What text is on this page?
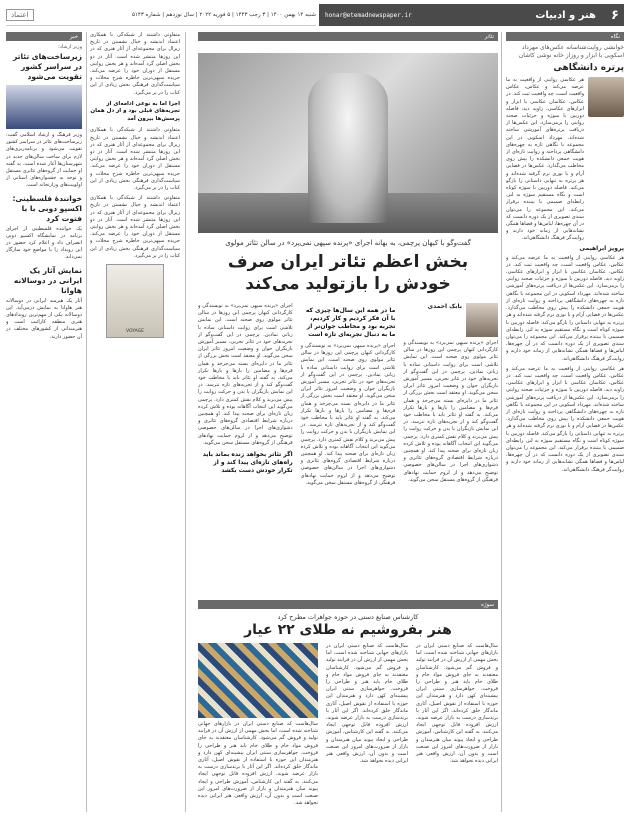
۶
هنر و ادبیات
honar@etemadnewspaper.ir
شنبه ۱۴ بهمن ۱۴۰۰ | ۳ رجب ۱۴۴۳ | ۵ فوریه ۲۰۲۲ | سال نوزدهم | شماره ۵۱۴۳
اعتماد
نگاه
خوانشی روایت‌شناسانه عکس‌های مهرداد اسکویی با ابزار و روزاز خانه نوشی کاشان
پرتره دانشگاهی
هر عکاسی روایتی از واقعیت به ما عرضه می‌کند و عکاس، عکاس واقعیت است، چه واقعیت ثبت کند. در عکاس، عکاسان عکاسی با ابزار و ابزارهای عکاسی، زاویه دید، فاصله دوربین با سوژه و جزئیات صحنه روایتی را برمی‌سازد. این عکس‌ها از دریافت پرتره‌های آموزشی ساخته شده‌اند. مهرداد اسکویی در این مجموعه با نگاهی تازه به چهره‌های دانشگاهی پرداخته و روایت تازه‌ای از هویت جمعی دانشکده را پیش روی مخاطب می‌گذارد. عکس‌ها در فضایی آرام و با نوری نرم گرفته شده‌اند و هر پرتره به تنهایی داستانی را بازگو می‌کند. فاصله دوربین با سوژه کوتاه است و نگاه مستقیم سوژه به لنز، رابطه‌ای صمیمی با بیننده برقرار می‌کند. این مجموعه را می‌توان سندی تصویری از یک دوره دانست که در آن چهره‌ها، لباس‌ها و فضاها همگی نشانه‌هایی از زمانه خود دارند و روایت‌گر فرهنگ دانشگاهی‌اند.
پرویز ابراهیمی
هر عکاسی روایتی از واقعیت به ما عرضه می‌کند و عکاس، عکاس واقعیت است، چه واقعیت ثبت کند. در عکاس، عکاسان عکاسی با ابزار و ابزارهای عکاسی، زاویه دید، فاصله دوربین با سوژه و جزئیات صحنه روایتی را برمی‌سازد. این عکس‌ها از دریافت پرتره‌های آموزشی ساخته شده‌اند. مهرداد اسکویی در این مجموعه با نگاهی تازه به چهره‌های دانشگاهی پرداخته و روایت تازه‌ای از هویت جمعی دانشکده را پیش روی مخاطب می‌گذارد. عکس‌ها در فضایی آرام و با نوری نرم گرفته شده‌اند و هر پرتره به تنهایی داستانی را بازگو می‌کند. فاصله دوربین با سوژه کوتاه است و نگاه مستقیم سوژه به لنز، رابطه‌ای صمیمی با بیننده برقرار می‌کند. این مجموعه را می‌توان سندی تصویری از یک دوره دانست که در آن چهره‌ها، لباس‌ها و فضاها همگی نشانه‌هایی از زمانه خود دارند و روایت‌گر فرهنگ دانشگاهی‌اند.
هر عکاسی روایتی از واقعیت به ما عرضه می‌کند و عکاس، عکاس واقعیت است، چه واقعیت ثبت کند. در عکاس، عکاسان عکاسی با ابزار و ابزارهای عکاسی، زاویه دید، فاصله دوربین با سوژه و جزئیات صحنه روایتی را برمی‌سازد. این عکس‌ها از دریافت پرتره‌های آموزشی ساخته شده‌اند. مهرداد اسکویی در این مجموعه با نگاهی تازه به چهره‌های دانشگاهی پرداخته و روایت تازه‌ای از هویت جمعی دانشکده را پیش روی مخاطب می‌گذارد. عکس‌ها در فضایی آرام و با نوری نرم گرفته شده‌اند و هر پرتره به تنهایی داستانی را بازگو می‌کند. فاصله دوربین با سوژه کوتاه است و نگاه مستقیم سوژه به لنز، رابطه‌ای صمیمی با بیننده برقرار می‌کند. این مجموعه را می‌توان سندی تصویری از یک دوره دانست که در آن چهره‌ها، لباس‌ها و فضاها همگی نشانه‌هایی از زمانه خود دارند و روایت‌گر فرهنگ دانشگاهی‌اند.
تئاتر
گفت‌وگو با کیهان پرچمی، به بهانه اجرای «پرنده سپهی نمی‌پرد» در سالن تئاتر مولوی
بخش اعظم تئاتر ایران صرف خودش را بازتولید می‌کند
بابک احمدی
اجرای «پرنده سپهی نمی‌پرد» به نویسندگی و کارگردانی کیهان پرچمی این روزها در سالن تئاتر مولوی روی صحنه است. این نمایش تلاشی است برای روایت داستانی ساده با زبانی نمادین. پرچمی در این گفت‌وگو از تجربه‌های خود در تئاتر تجربی، مسیر آموزش بازیگران جوان و وضعیت امروز تئاتر ایران سخن می‌گوید. او معتقد است بخش بزرگی از تئاتر ما در دایره‌ای بسته می‌چرخد و همان فرم‌ها و مضامین را بارها و بارها تکرار می‌کند. به گفته او تئاتر باید با مخاطب خود گفت‌وگو کند و از تجربه‌های تازه نترسد. در این نمایش بازیگران با بدن و حرکت روایت را پیش می‌برند و کلام نقش کمتری دارد. پرچمی می‌گوید این انتخاب آگاهانه بوده و تلاش کرده زبان تازه‌ای برای صحنه پیدا کند. او همچنین درباره شرایط اقتصادی گروه‌های تئاتری و دشواری‌های اجرا در سالن‌های خصوصی توضیح می‌دهد و از لزوم حمایت نهادهای فرهنگی از گروه‌های مستقل سخن می‌گوید.
ما در همه این سال‌ها چیزی که با آن فکر کردیم و کار کردیم، تجربه بود و مخاطب جوان‌تر از ما به دنبال تجربه‌ای تازه است
اجرای «پرنده سپهی نمی‌پرد» به نویسندگی و کارگردانی کیهان پرچمی این روزها در سالن تئاتر مولوی روی صحنه است. این نمایش تلاشی است برای روایت داستانی ساده با زبانی نمادین. پرچمی در این گفت‌وگو از تجربه‌های خود در تئاتر تجربی، مسیر آموزش بازیگران جوان و وضعیت امروز تئاتر ایران سخن می‌گوید. او معتقد است بخش بزرگی از تئاتر ما در دایره‌ای بسته می‌چرخد و همان فرم‌ها و مضامین را بارها و بارها تکرار می‌کند. به گفته او تئاتر باید با مخاطب خود گفت‌وگو کند و از تجربه‌های تازه نترسد. در این نمایش بازیگران با بدن و حرکت روایت را پیش می‌برند و کلام نقش کمتری دارد. پرچمی می‌گوید این انتخاب آگاهانه بوده و تلاش کرده زبان تازه‌ای برای صحنه پیدا کند. او همچنین درباره شرایط اقتصادی گروه‌های تئاتری و دشواری‌های اجرا در سالن‌های خصوصی توضیح می‌دهد و از لزوم حمایت نهادهای فرهنگی از گروه‌های مستقل سخن می‌گوید.
اجرای «پرنده سپهی نمی‌پرد» به نویسندگی و کارگردانی کیهان پرچمی این روزها در سالن تئاتر مولوی روی صحنه است. این نمایش تلاشی است برای روایت داستانی ساده با زبانی نمادین. پرچمی در این گفت‌وگو از تجربه‌های خود در تئاتر تجربی، مسیر آموزش بازیگران جوان و وضعیت امروز تئاتر ایران سخن می‌گوید. او معتقد است بخش بزرگی از تئاتر ما در دایره‌ای بسته می‌چرخد و همان فرم‌ها و مضامین را بارها و بارها تکرار می‌کند. به گفته او تئاتر باید با مخاطب خود گفت‌وگو کند و از تجربه‌های تازه نترسد. در این نمایش بازیگران با بدن و حرکت روایت را پیش می‌برند و کلام نقش کمتری دارد. پرچمی می‌گوید این انتخاب آگاهانه بوده و تلاش کرده زبان تازه‌ای برای صحنه پیدا کند. او همچنین درباره شرایط اقتصادی گروه‌های تئاتری و دشواری‌های اجرا در سالن‌های خصوصی توضیح می‌دهد و از لزوم حمایت نهادهای فرهنگی از گروه‌های مستقل سخن می‌گوید.
اگر تئاتر بخواهد زنده بماند باید راه‌های تازه‌ای پیدا کند و از تکرار خودش دست بکشد
سوژه
کارشناس صنایع دستی در حوزه جواهرات مطرح کرد
هنر بفروشیم نه طلای ۲۲ عیار
سال‌هاست که صنایع دستی ایران در بازارهای جهانی شناخته شده است، اما بخش مهمی از ارزش آن در فرایند تولید و فروش گم می‌شود. کارشناسان معتقدند به جای فروش مواد خام و طلای خام باید هنر و طراحی را فروخت. جواهرسازی سنتی ایران پیشینه‌ای کهن دارد و هنرمندان این حوزه با استفاده از نقوش اصیل، آثاری ماندگار خلق کرده‌اند. اگر این آثار با برندسازی درست به بازار عرضه شوند، ارزش افزوده قابل توجهی ایجاد می‌کنند. به گفته این کارشناس، آموزش طراحی و ایجاد پیوند میان هنرمندان و بازار از ضرورت‌های امروز این صنعت است و بدون آن، ارزش واقعی هنر ایرانی دیده نخواهد شد.
سال‌هاست که صنایع دستی ایران در بازارهای جهانی شناخته شده است، اما بخش مهمی از ارزش آن در فرایند تولید و فروش گم می‌شود. کارشناسان معتقدند به جای فروش مواد خام و طلای خام باید هنر و طراحی را فروخت. جواهرسازی سنتی ایران پیشینه‌ای کهن دارد و هنرمندان این حوزه با استفاده از نقوش اصیل، آثاری ماندگار خلق کرده‌اند. اگر این آثار با برندسازی درست به بازار عرضه شوند، ارزش افزوده قابل توجهی ایجاد می‌کنند. به گفته این کارشناس، آموزش طراحی و ایجاد پیوند میان هنرمندان و بازار از ضرورت‌های امروز این صنعت است و بدون آن، ارزش واقعی هنر ایرانی دیده نخواهد شد.
سال‌هاست که صنایع دستی ایران در بازارهای جهانی شناخته شده است، اما بخش مهمی از ارزش آن در فرایند تولید و فروش گم می‌شود. کارشناسان معتقدند به جای فروش مواد خام و طلای خام باید هنر و طراحی را فروخت. جواهرسازی سنتی ایران پیشینه‌ای کهن دارد و هنرمندان این حوزه با استفاده از نقوش اصیل، آثاری ماندگار خلق کرده‌اند. اگر این آثار با برندسازی درست به بازار عرضه شوند، ارزش افزوده قابل توجهی ایجاد می‌کنند. به گفته این کارشناس، آموزش طراحی و ایجاد پیوند میان هنرمندان و بازار از ضرورت‌های امروز این صنعت است و بدون آن، ارزش واقعی هنر ایرانی دیده نخواهد شد.
متفاوتی داشتند از شبکه‌گی با همکاری اعتماد اندیشه و خیال نشستن در تاریخ ریزال برای مجموعه‌ای از آثار هنری که در این روزها منتشر شده است. آثار در دو بخش اصلی گرد آمده‌اند و هر بخش روایتی مستقل از دوران خود را عرضه می‌کند. جریده سپهی‌ترین خاطره شرح محلات و سیاست‌گذاری فرهنگی بخش زیادی از این کتاب را در بر می‌گیرد.
اجرا اما به نوعی ادامه‌ای از تجربه‌های قبلی بود و از دل همان پرسش‌ها بیرون آمد
متفاوتی داشتند از شبکه‌گی با همکاری اعتماد اندیشه و خیال نشستن در تاریخ ریزال برای مجموعه‌ای از آثار هنری که در این روزها منتشر شده است. آثار در دو بخش اصلی گرد آمده‌اند و هر بخش روایتی مستقل از دوران خود را عرضه می‌کند. جریده سپهی‌ترین خاطره شرح محلات و سیاست‌گذاری فرهنگی بخش زیادی از این کتاب را در بر می‌گیرد.
متفاوتی داشتند از شبکه‌گی با همکاری اعتماد اندیشه و خیال نشستن در تاریخ ریزال برای مجموعه‌ای از آثار هنری که در این روزها منتشر شده است. آثار در دو بخش اصلی گرد آمده‌اند و هر بخش روایتی مستقل از دوران خود را عرضه می‌کند. جریده سپهی‌ترین خاطره شرح محلات و سیاست‌گذاری فرهنگی بخش زیادی از این کتاب را در بر می‌گیرد.
VOYAGE
خبر
وزیر ارشاد:
زیرساخت‌های تئاتر در سراسر کشور تقویت می‌شود
وزیر فرهنگ و ارشاد اسلامی گفت: زیرساخت‌های تئاتر در سراسر کشور تقویت می‌شود و برنامه‌ریزی‌های لازم برای ساخت سالن‌های جدید در شهرستان‌ها آغاز شده است. به گفته او حمایت از گروه‌های تئاتری مستقل و توجه به جشنواره‌های استانی از اولویت‌های وزارتخانه است.
خوانندۀ فلسطینی: اکسپو دوبی با با فتوت کرد
یک خواننده فلسطینی از اجرای برنامه در نمایشگاه اکسپو دوبی انصراف داد و اعلام کرد حضور در این رویداد را با مواضع خود سازگار نمی‌داند.
نمایش آثار یک ایرانی در دوسالانه هاوانا
آثار یک هنرمند ایرانی در دوسالانه هنر هاوانا به نمایش درمی‌آید. این دوسالانه یکی از مهم‌ترین رویدادهای هنری منطقه کارائیب است و هنرمندانی از کشورهای مختلف در آن حضور دارند.
